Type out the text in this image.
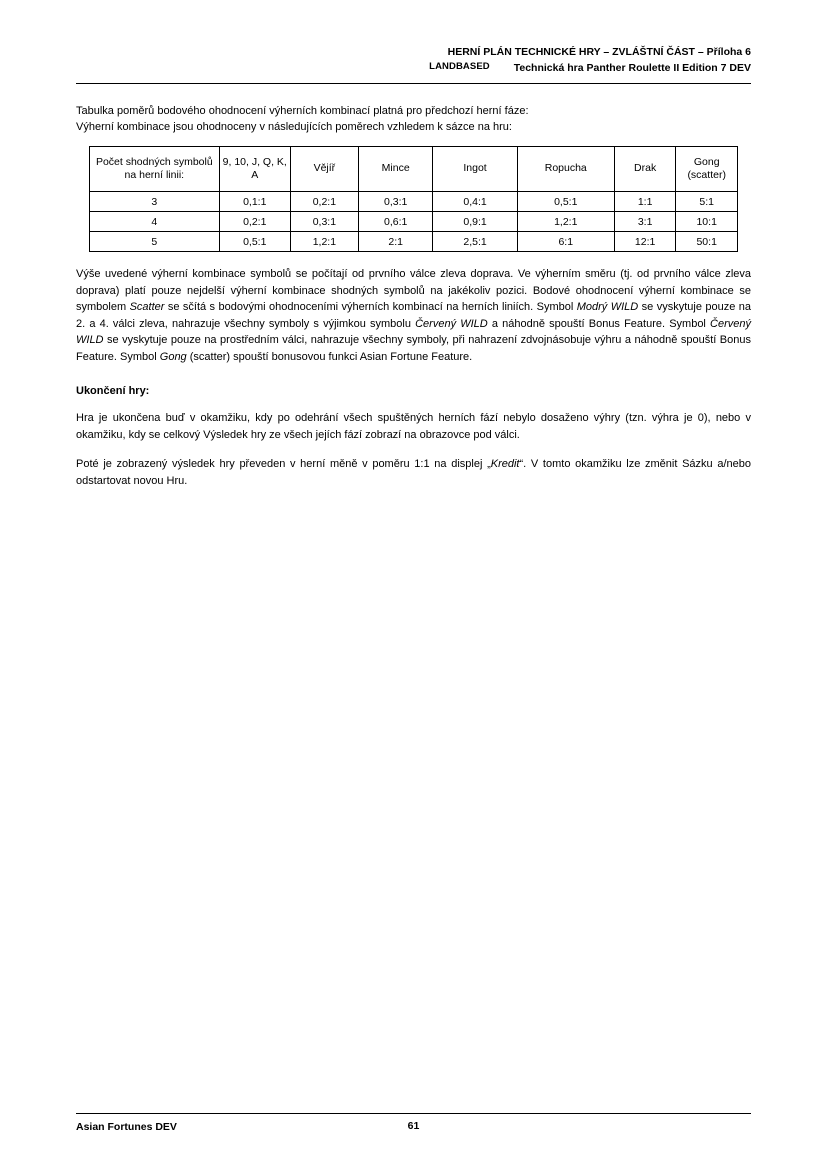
HERNÍ PLÁN TECHNICKÉ HRY – ZVLÁŠTNÍ ČÁST – Příloha 6
LANDBASED Technická hra Panther Roulette II Edition 7 DEV
Tabulka poměrů bodového ohodnocení výherních kombinací platná pro předchozí herní fáze:
Výherní kombinace jsou ohodnoceny v následujících poměrech vzhledem k sázce na hru:
Počet shodných symbolů na herní linii:	9, 10, J, Q, K, A	Vějíř	Mince	Ingot	Ropucha	Drak	Gong (scatter)
3	0,1:1	0,2:1	0,3:1	0,4:1	0,5:1	1:1	5:1
4	0,2:1	0,3:1	0,6:1	0,9:1	1,2:1	3:1	10:1
5	0,5:1	1,2:1	2:1	2,5:1	6:1	12:1	50:1

Výše uvedené výherní kombinace symbolů se počítají od prvního válce zleva doprava. Ve výherním směru (tj. od prvního válce zleva doprava) platí pouze nejdelší výherní kombinace shodných symbolů na jakékoliv pozici. Bodové ohodnocení výherní kombinace se symbolem Scatter se sčítá s bodovými ohodnoceními výherních kombinací na herních liniích. Symbol Modrý WILD se vyskytuje pouze na 2. a 4. válci zleva, nahrazuje všechny symboly s výjimkou symbolu Červený WILD a náhodně spouští Bonus Feature. Symbol Červený WILD se vyskytuje pouze na prostředním válci, nahrazuje všechny symboly, při nahrazení zdvojnásobuje výhru a náhodně spouští Bonus Feature. Symbol Gong (scatter) spouští bonusovou funkci Asian Fortune Feature.

Ukončení hry:

Hra je ukončena buď v okamžiku, kdy po odehrání všech spuštěných herních fází nebylo dosaženo výhry (tzn. výhra je 0), nebo v okamžiku, kdy se celkový Výsledek hry ze všech jejích fází zobrazí na obrazovce pod válci.

Poté je zobrazený výsledek hry převeden v herní měně v poměru 1:1 na displej „Kredit“. V tomto okamžiku lze změnit Sázku a/nebo odstartovat novou Hru.

Asian Fortunes DEV	61
